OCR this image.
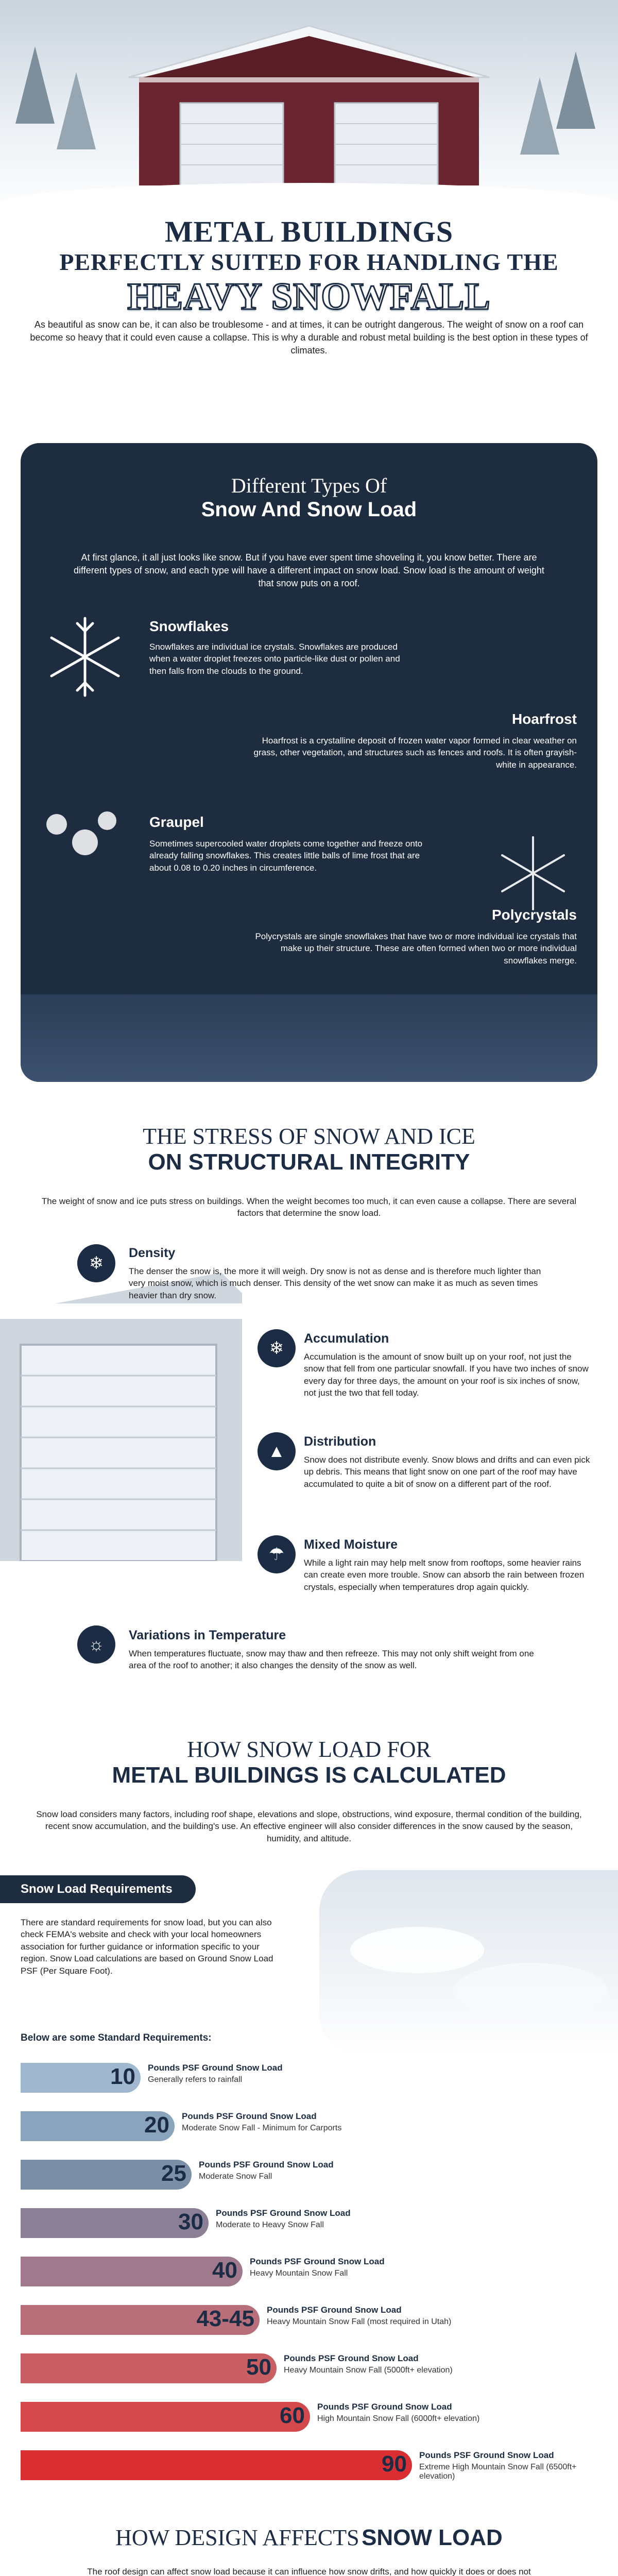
METAL BUILDINGS
PERFECTLY SUITED FOR HANDLING THE
HEAVY SNOWFALL

As beautiful as snow can be, it can also be troublesome - and at times, it can be outright dangerous. The weight of snow on a roof can become so heavy that it could even cause a collapse. This is why a durable and robust metal building is the best option in these types of climates.

Different Types Of
Snow And Snow Load

At first glance, it all just looks like snow. But if you have ever spent time shoveling it, you know better. There are different types of snow, and each type will have a different impact on snow load. Snow load is the amount of weight that snow puts on a roof.

Snowflakes

Snowflakes are individual ice crystals. Snowflakes are produced when a water droplet freezes onto particle-like dust or pollen and then falls from the clouds to the ground.

Hoarfrost

Hoarfrost is a crystalline deposit of frozen water vapor formed in clear weather on grass, other vegetation, and structures such as fences and roofs. It is often grayish-white in appearance.

Graupel

Sometimes supercooled water droplets come together and freeze onto already falling snowflakes. This creates little balls of lime frost that are about 0.08 to 0.20 inches in circumference.

Polycrystals

Polycrystals are single snowflakes that have two or more individual ice crystals that make up their structure. These are often formed when two or more individual snowflakes merge.

THE STRESS OF SNOW AND ICE
ON STRUCTURAL INTEGRITY

The weight of snow and ice puts stress on buildings. When the weight becomes too much, it can even cause a collapse. There are several factors that determine the snow load.

❄
Density

The denser the snow is, the more it will weigh. Dry snow is not as dense and is therefore much lighter than very moist snow, which is much denser. This density of the wet snow can make it as much as seven times heavier than dry snow.

❄	Accumulation

Accumulation is the amount of snow built up on your roof, not just the snow that fell from one particular snowfall. If you have two inches of snow every day for three days, the amount on your roof is six inches of snow, not just the two that fell today.

▲	Distribution

Snow does not distribute evenly. Snow blows and drifts and can even pick up debris. This means that light snow on one part of the roof may have accumulated to quite a bit of snow on a different part of the roof.

☂	Mixed Moisture

While a light rain may help melt snow from rooftops, some heavier rains can create even more trouble. Snow can absorb the rain between frozen crystals, especially when temperatures drop again quickly.

☼	Variations in Temperature

When temperatures fluctuate, snow may thaw and then refreeze. This may not only shift weight from one area of the roof to another; it also changes the density of the snow as well.

HOW SNOW LOAD FOR
METAL BUILDINGS IS CALCULATED

Snow load considers many factors, including roof shape, elevations and slope, obstructions, wind exposure, thermal condition of the building, recent snow accumulation, and the building's use. An effective engineer will also consider differences in the snow caused by the season, humidity, and altitude.

Snow Load Requirements

There are standard requirements for snow load, but you can also check FEMA's website and check with your local homeowners association for further guidance or information specific to your region. Snow Load calculations are based on Ground Snow Load PSF (Per Square Foot).

Below are some Standard Requirements:
10 Pounds PSF Ground Snow Load
Generally refers to rainfall
20 Pounds PSF Ground Snow Load
Moderate Snow Fall - Minimum for Carports
25 Pounds PSF Ground Snow Load
Moderate Snow Fall
30 Pounds PSF Ground Snow Load
Moderate to Heavy Snow Fall
40 Pounds PSF Ground Snow Load
Heavy Mountain Snow Fall
43-45 Pounds PSF Ground Snow Load
Heavy Mountain Snow Fall (most required in Utah)
50 Pounds PSF Ground Snow Load
Heavy Mountain Snow Fall (5000ft+ elevation)
60 Pounds PSF Ground Snow Load
High Mountain Snow Fall (6000ft+ elevation)
90 Pounds PSF Ground Snow Load
Extreme High Mountain Snow Fall (6500ft+ elevation)
HOW DESIGN AFFECTS SNOW LOAD

The roof design can affect snow load because it can influence how snow drifts, and how quickly it does or does not
